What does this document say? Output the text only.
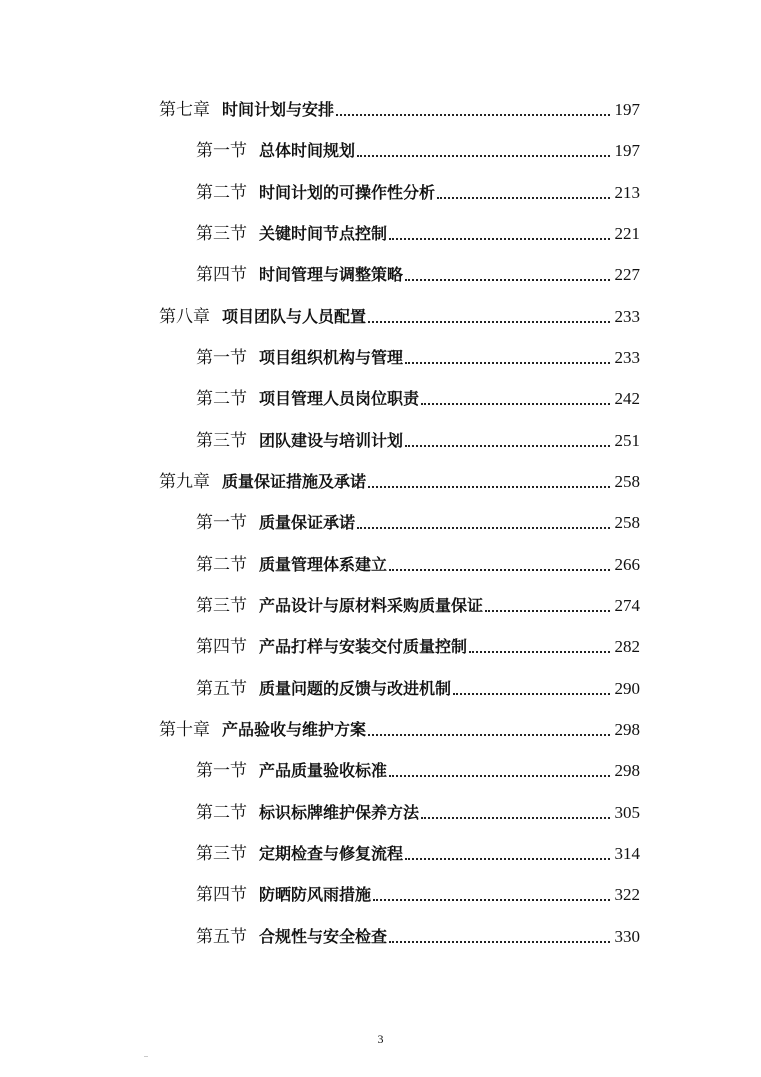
第七章 时间计划与安排	197
第一节 总体时间规划	197
第二节 时间计划的可操作性分析	213
第三节 关键时间节点控制	221
第四节 时间管理与调整策略	227
第八章 项目团队与人员配置	233
第一节 项目组织机构与管理	233
第二节 项目管理人员岗位职责	242
第三节 团队建设与培训计划	251
第九章 质量保证措施及承诺	258
第一节 质量保证承诺	258
第二节 质量管理体系建立	266
第三节 产品设计与原材料采购质量保证	274
第四节 产品打样与安装交付质量控制	282
第五节 质量问题的反馈与改进机制	290
第十章 产品验收与维护方案	298
第一节 产品质量验收标准	298
第二节 标识标牌维护保养方法	305
第三节 定期检查与修复流程	314
第四节 防晒防风雨措施	322
第五节 合规性与安全检查	330
3
..
